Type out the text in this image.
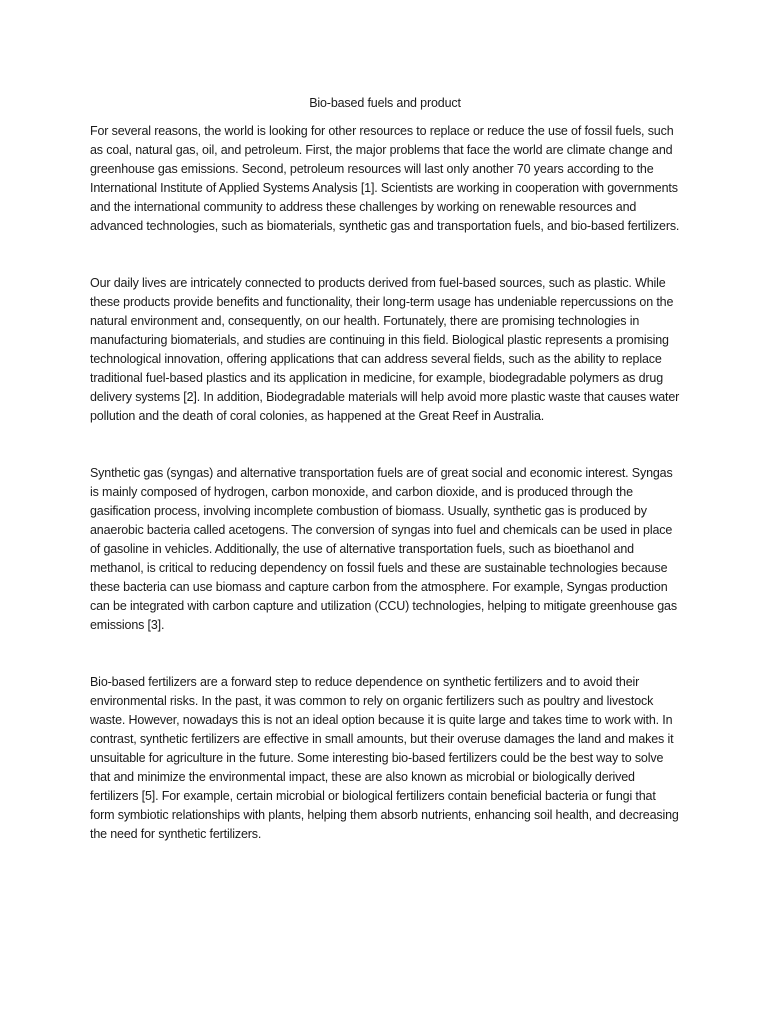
Bio-based fuels and product

For several reasons, the world is looking for other resources to replace or reduce the use of fossil fuels, such as coal, natural gas, oil, and petroleum. First, the major problems that face the world are climate change and greenhouse gas emissions. Second, petroleum resources will last only another 70 years according to the International Institute of Applied Systems Analysis [1]. Scientists are working in cooperation with governments and the international community to address these challenges by working on renewable resources and advanced technologies, such as biomaterials, synthetic gas and transportation fuels, and bio-based fertilizers.

Our daily lives are intricately connected to products derived from fuel-based sources, such as plastic. While these products provide benefits and functionality, their long-term usage has undeniable repercussions on the natural environment and, consequently, on our health. Fortunately, there are promising technologies in manufacturing biomaterials, and studies are continuing in this field. Biological plastic represents a promising technological innovation, offering applications that can address several fields, such as the ability to replace traditional fuel-based plastics and its application in medicine, for example, biodegradable polymers as drug delivery systems [2]. In addition, Biodegradable materials will help avoid more plastic waste that causes water pollution and the death of coral colonies, as happened at the Great Reef in Australia.

Synthetic gas (syngas) and alternative transportation fuels are of great social and economic interest. Syngas is mainly composed of hydrogen, carbon monoxide, and carbon dioxide, and is produced through the gasification process, involving incomplete combustion of biomass. Usually, synthetic gas is produced by anaerobic bacteria called acetogens. The conversion of syngas into fuel and chemicals can be used in place of gasoline in vehicles. Additionally, the use of alternative transportation fuels, such as bioethanol and methanol, is critical to reducing dependency on fossil fuels and these are sustainable technologies because these bacteria can use biomass and capture carbon from the atmosphere. For example, Syngas production can be integrated with carbon capture and utilization (CCU) technologies, helping to mitigate greenhouse gas emissions [3].

Bio-based fertilizers are a forward step to reduce dependence on synthetic fertilizers and to avoid their environmental risks. In the past, it was common to rely on organic fertilizers such as poultry and livestock waste. However, nowadays this is not an ideal option because it is quite large and takes time to work with. In contrast, synthetic fertilizers are effective in small amounts, but their overuse damages the land and makes it unsuitable for agriculture in the future. Some interesting bio-based fertilizers could be the best way to solve that and minimize the environmental impact, these are also known as microbial or biologically derived fertilizers [5]. For example, certain microbial or biological fertilizers contain beneficial bacteria or fungi that form symbiotic relationships with plants, helping them absorb nutrients, enhancing soil health, and decreasing the need for synthetic fertilizers.
